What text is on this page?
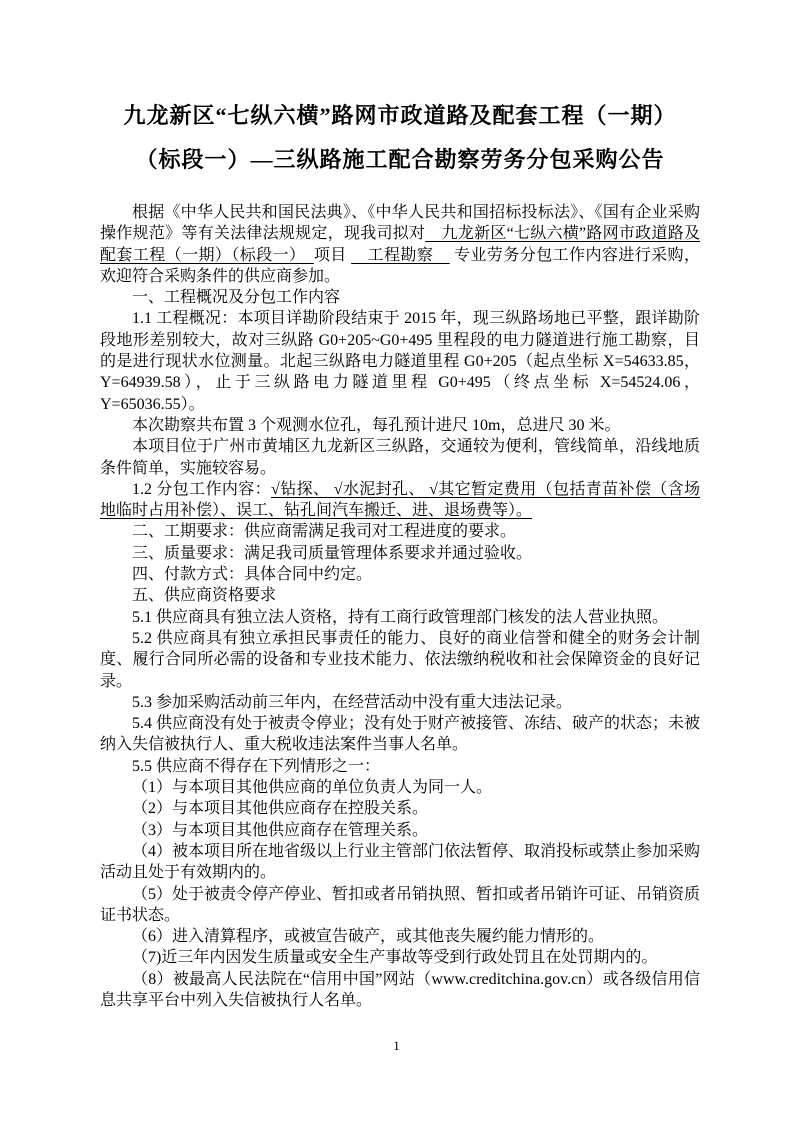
九龙新区“七纵六横”路网市政道路及配套工程（一期）
（标段一）—三纵路施工配合勘察劳务分包采购公告

根据《中华人民共和国民法典》、《中华人民共和国招标投标法》、《国有企业采购操作规范》等有关法律法规规定，现我司拟对　九龙新区“七纵六横”路网市政道路及配套工程（一期）（标段一）　项目 　工程勘察　 专业劳务分包工作内容进行采购，欢迎符合采购条件的供应商参加。

一、工程概况及分包工作内容

1.1 工程概况：本项目详勘阶段结束于 2015 年，现三纵路场地已平整，跟详勘阶段地形差别较大，故对三纵路 G0+205~G0+495 里程段的电力隧道进行施工勘察，目的是进行现状水位测量。北起三纵路电力隧道里程 G0+205（起点坐标 X=54633.85，Y=64939.58），止于三纵路电力隧道里程 G0+495（终点坐标 X=54524.06，Y=65036.55）。

本次勘察共布置 3 个观测水位孔，每孔预计进尺 10m，总进尺 30 米。

本项目位于广州市黄埔区九龙新区三纵路，交通较为便利，管线简单，沿线地质条件简单，实施较容易。

1.2 分包工作内容：√钻探、 √水泥封孔、 √其它暂定费用（包括青苗补偿（含场地临时占用补偿）、误工、钻孔间汽车搬迁、进、退场费等）。

二、工期要求：供应商需满足我司对工程进度的要求。

三、质量要求：满足我司质量管理体系要求并通过验收。

四、付款方式：具体合同中约定。

五、供应商资格要求

5.1 供应商具有独立法人资格，持有工商行政管理部门核发的法人营业执照。

5.2 供应商具有独立承担民事责任的能力、良好的商业信誉和健全的财务会计制度、履行合同所必需的设备和专业技术能力、依法缴纳税收和社会保障资金的良好记录。

5.3 参加采购活动前三年内，在经营活动中没有重大违法记录。

5.4 供应商没有处于被责令停业；没有处于财产被接管、冻结、破产的状态；未被纳入失信被执行人、重大税收违法案件当事人名单。

5.5 供应商不得存在下列情形之一：

（1）与本项目其他供应商的单位负责人为同一人。

（2）与本项目其他供应商存在控股关系。

（3）与本项目其他供应商存在管理关系。

（4）被本项目所在地省级以上行业主管部门依法暂停、取消投标或禁止参加采购活动且处于有效期内的。

（5）处于被责令停产停业、暂扣或者吊销执照、暂扣或者吊销许可证、吊销资质证书状态。

（6）进入清算程序，或被宣告破产，或其他丧失履约能力情形的。

（7)近三年内因发生质量或安全生产事故等受到行政处罚且在处罚期内的。

（8）被最高人民法院在“信用中国”网站（www.creditchina.gov.cn）或各级信用信息共享平台中列入失信被执行人名单。

1
